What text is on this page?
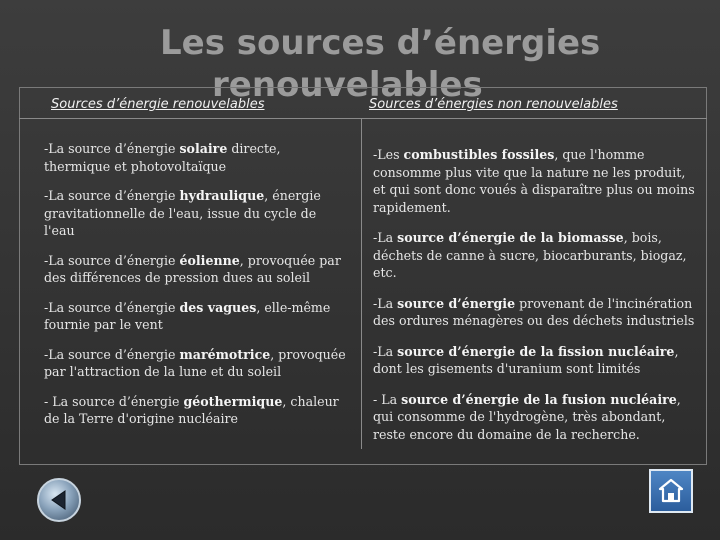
Les sources d’énergies
renouvelables
Sources d’énergie renouvelables	Sources d’énergies non renouvelables
-La source d’énergie solaire directe, thermique et photovoltaïque
-La source d’énergie hydraulique, énergie gravitationnelle de l'eau, issue du cycle de l'eau
-La source d’énergie éolienne, provoquée par des différences de pression dues au soleil
-La source d’énergie des vagues, elle-même fournie par le vent
-La source d’énergie marémotrice, provoquée par l'attraction de la lune et du soleil
- La source d’énergie géothermique, chaleur de la Terre d'origine nucléaire
-Les combustibles fossiles, que l'homme consomme plus vite que la nature ne les produit, et qui sont donc voués à disparaître plus ou moins rapidement.
-La source d’énergie de la biomasse, bois, déchets de canne à sucre, biocarburants, biogaz, etc.
-La source d’énergie provenant de l'incinération des ordures ménagères ou des déchets industriels
-La source d’énergie de la fission nucléaire, dont les gisements d'uranium sont limités
- La source d’énergie de la fusion nucléaire, qui consomme de l'hydrogène, très abondant, reste encore du domaine de la recherche.
